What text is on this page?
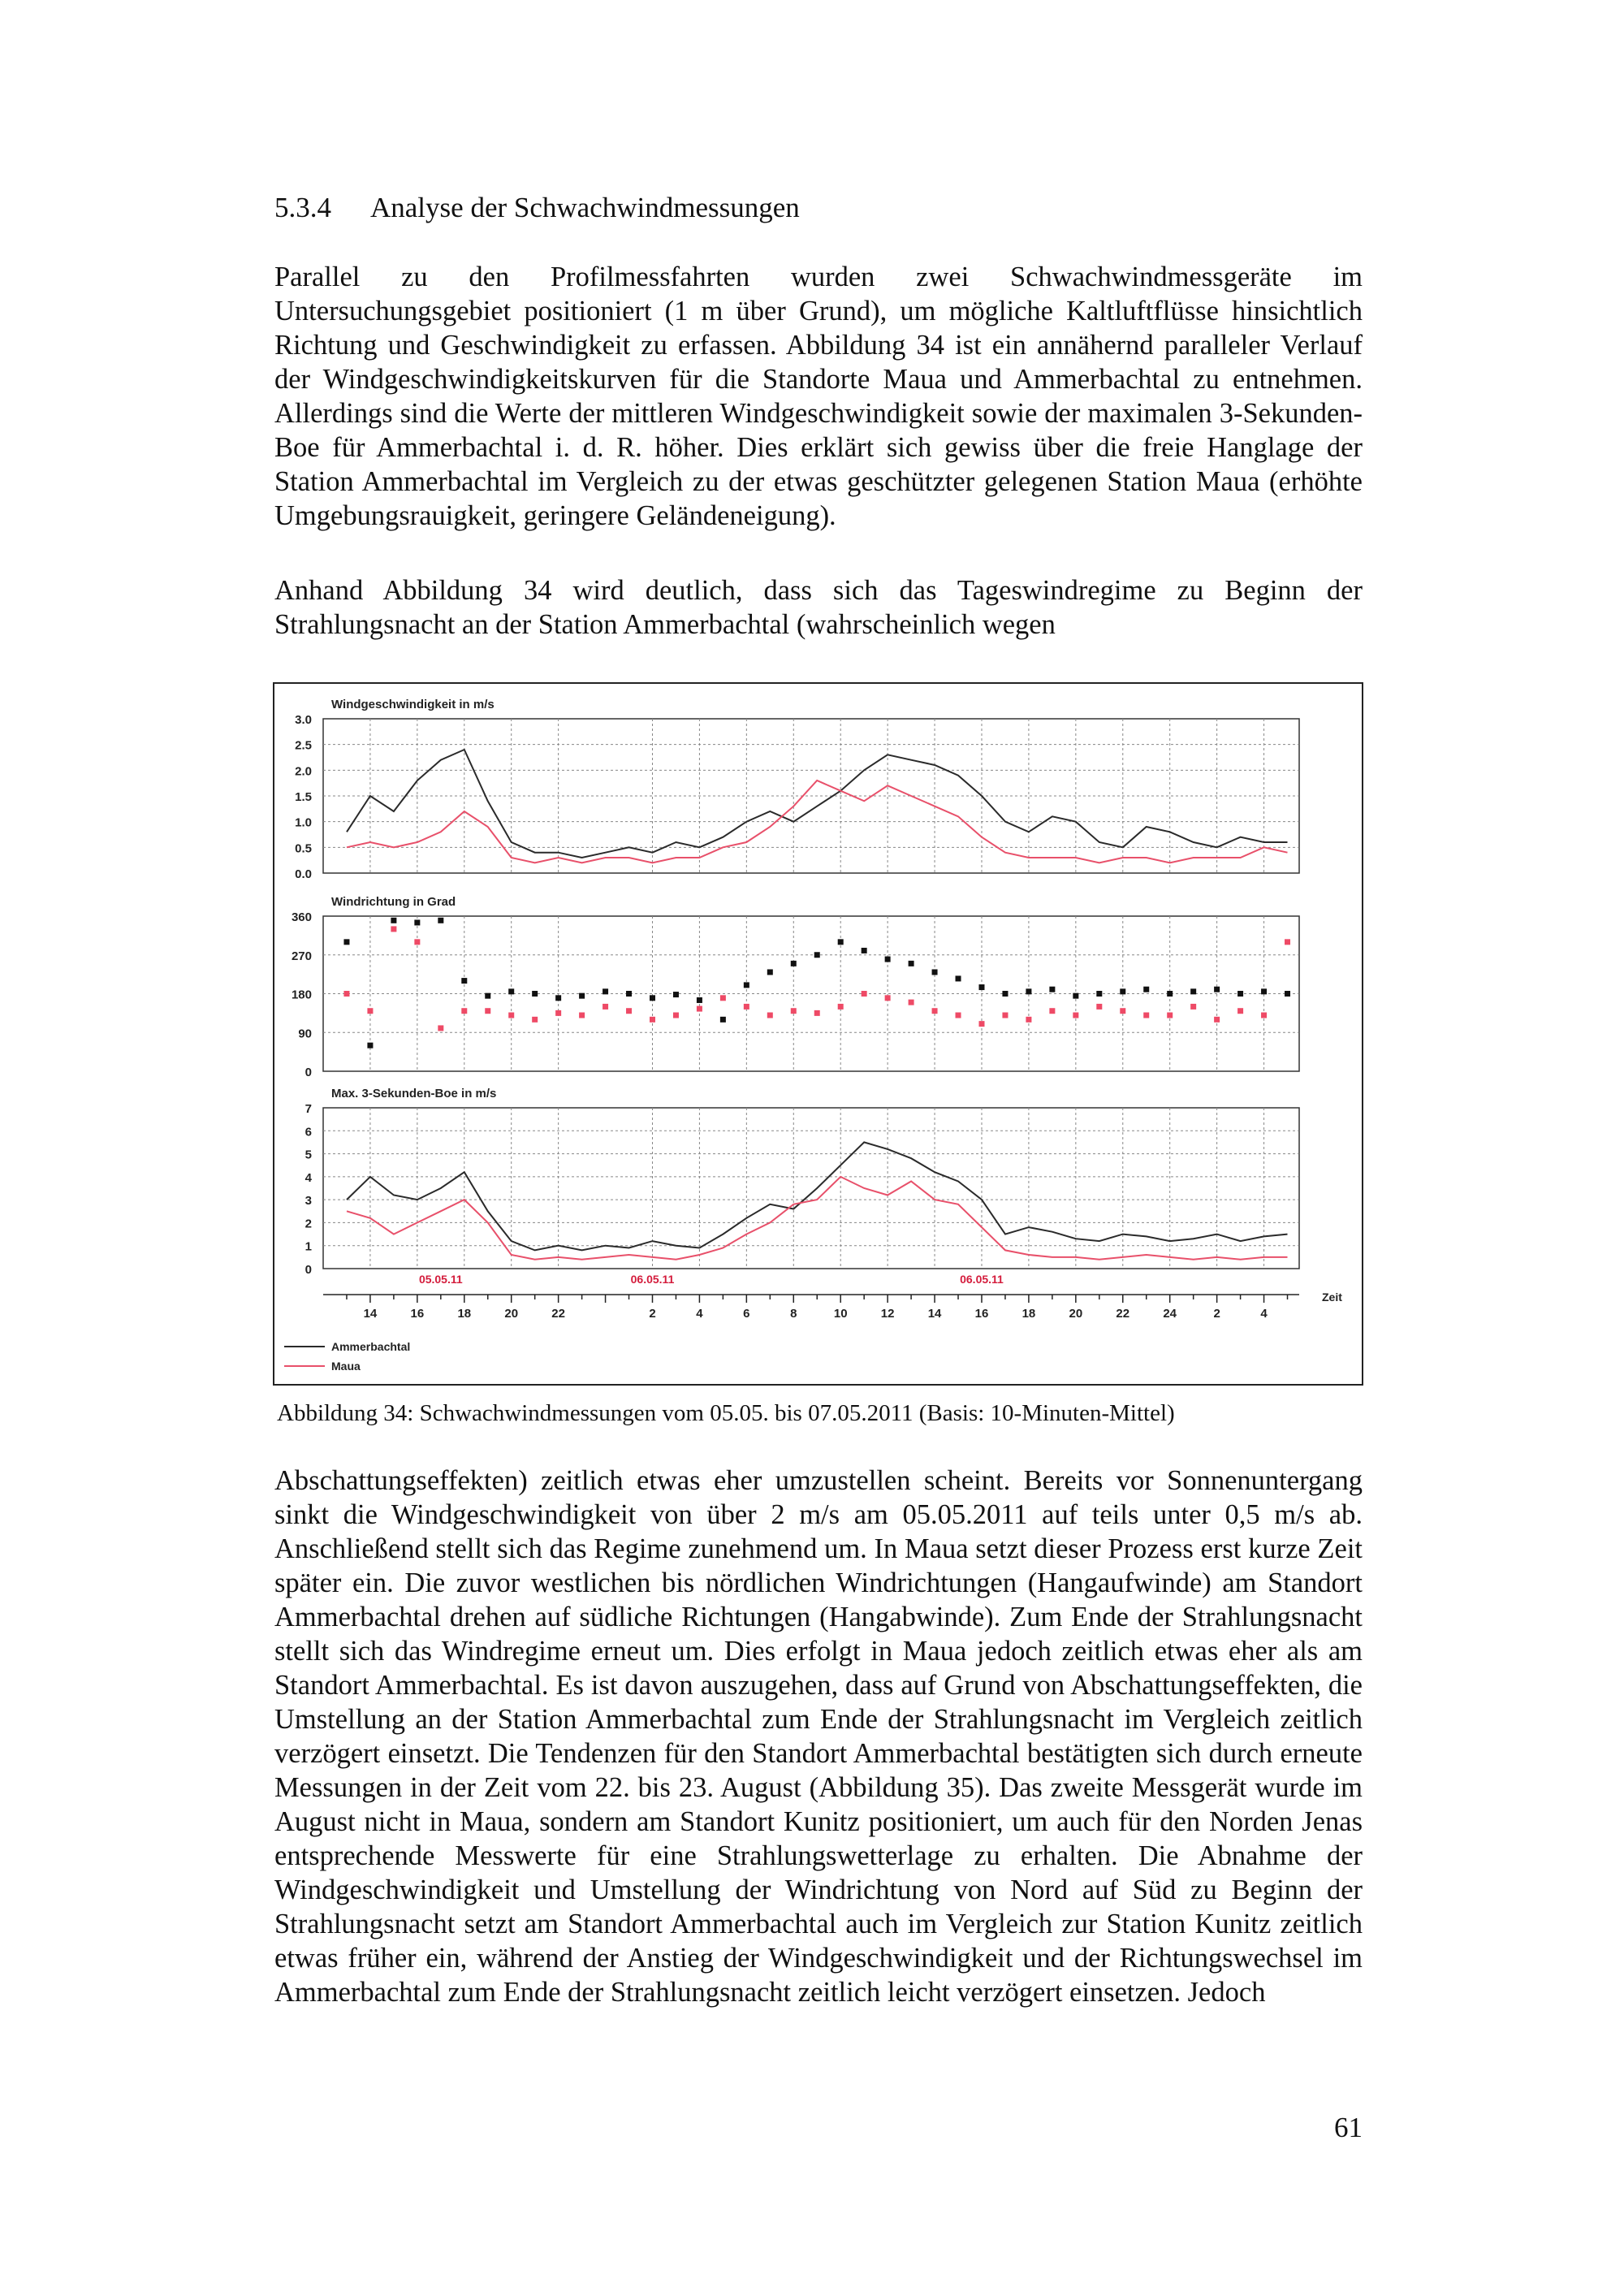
5.3.4 Analyse der Schwachwindmessungen
Parallel zu den Profilmessfahrten wurden zwei Schwachwindmessgeräte im Untersuchungsgebiet positioniert (1 m über Grund), um mögliche Kaltluftflüsse hinsichtlich Richtung und Geschwindigkeit zu erfassen. Abbildung 34 ist ein annähernd paralleler Verlauf der Windgeschwindigkeitskurven für die Standorte Maua und Ammerbachtal zu entnehmen. Allerdings sind die Werte der mittleren Windgeschwindigkeit sowie der maximalen 3-Sekunden-Boe für Ammerbachtal i. d. R. höher. Dies erklärt sich gewiss über die freie Hanglage der Station Ammerbachtal im Vergleich zu der etwas geschützter gelegenen Station Maua (erhöhte Umgebungsrauigkeit, geringere Geländeneigung).
Anhand Abbildung 34 wird deutlich, dass sich das Tageswindregime zu Beginn der Strahlungsnacht an der Station Ammerbachtal (wahrscheinlich wegen
Windgeschwindigkeit in m/s
3.0
2.5
2.0
1.5
1.0
0.5
0.0
Windrichtung in Grad
360
270
180
90
0
Max. 3-Sekunden-Boe in m/s
7
6
5
4
3
2
1
0
14	16	18	20	22	2	4	6	8	10	12	14	16	18	20	22	24	2	4
05.05.11	06.05.11	06.05.11
Zeit
Ammerbachtal
Maua
Abbildung 34: Schwachwindmessungen vom 05.05. bis 07.05.2011 (Basis: 10-Minuten-Mittel)
Abschattungseffekten) zeitlich etwas eher umzustellen scheint. Bereits vor Sonnenuntergang sinkt die Windgeschwindigkeit von über 2 m/s am 05.05.2011 auf teils unter 0,5 m/s ab. Anschließend stellt sich das Regime zunehmend um. In Maua setzt dieser Prozess erst kurze Zeit später ein. Die zuvor westlichen bis nördlichen Windrichtungen (Hangaufwinde) am Standort Ammerbachtal drehen auf südliche Richtungen (Hangabwinde). Zum Ende der Strahlungsnacht stellt sich das Windregime erneut um. Dies erfolgt in Maua jedoch zeitlich etwas eher als am Standort Ammerbachtal. Es ist davon auszugehen, dass auf Grund von Abschattungseffekten, die Umstellung an der Station Ammerbachtal zum Ende der Strahlungsnacht im Vergleich zeitlich verzögert einsetzt. Die Tendenzen für den Standort Ammerbachtal bestätigten sich durch erneute Messungen in der Zeit vom 22. bis 23. August (Abbildung 35). Das zweite Messgerät wurde im August nicht in Maua, sondern am Standort Kunitz positioniert, um auch für den Norden Jenas entsprechende Messwerte für eine Strahlungswetterlage zu erhalten. Die Abnahme der Windgeschwindigkeit und Umstellung der Windrichtung von Nord auf Süd zu Beginn der Strahlungsnacht setzt am Standort Ammerbachtal auch im Vergleich zur Station Kunitz zeitlich etwas früher ein, während der Anstieg der Windgeschwindigkeit und der Richtungswechsel im Ammerbachtal zum Ende der Strahlungsnacht zeitlich leicht verzögert einsetzen. Jedoch
61
